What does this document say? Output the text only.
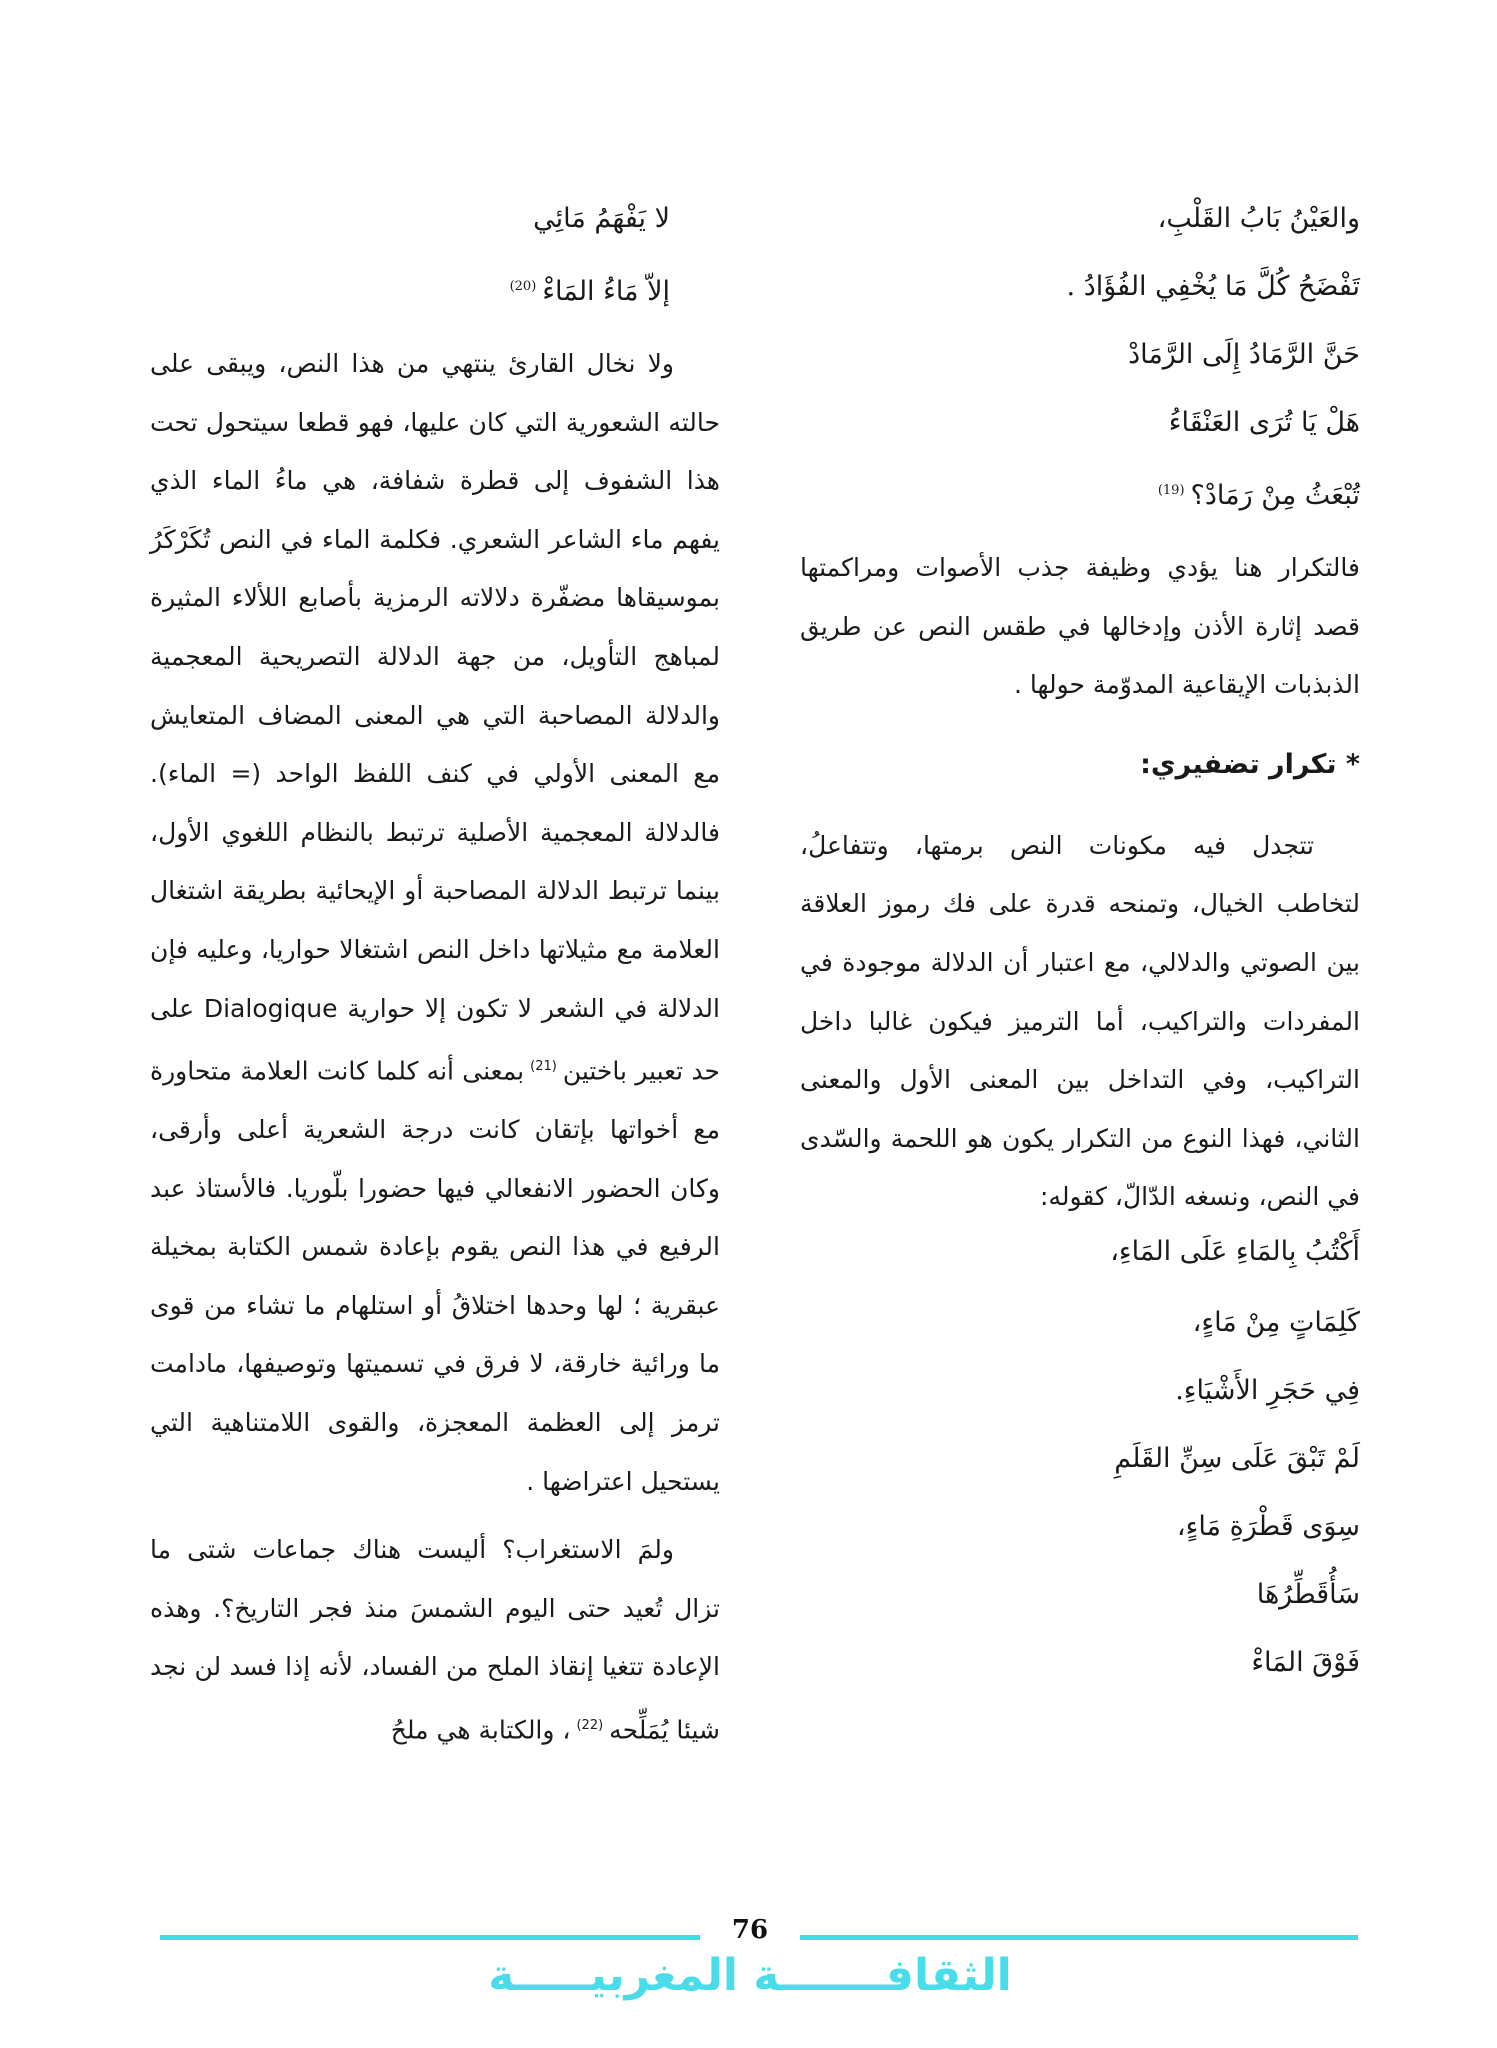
والعَيْنُ بَابُ القَلْبِ،
تَفْضَحُ كُلَّ مَا يُخْفِي الفُؤَادُ .
حَنَّ الرَّمَادُ إِلَى الرَّمَادْ
هَلْ يَا تُرَى العَنْقَاءُ
تُبْعَثُ مِنْ رَمَادْ؟$^{(19)}$

فالتكرار هنا يؤدي وظيفة جذب الأصوات ومراكمتها قصد إثارة الأذن وإدخالها في طقس النص عن طريق الذبذبات الإيقاعية المدوّمة حولها .

* تكرار تضفيري:

تتجدل فيه مكونات النص برمتها، وتتفاعلُ، لتخاطب الخيال، وتمنحه قدرة على فك رموز العلاقة بين الصوتي والدلالي، مع اعتبار أن الدلالة موجودة في المفردات والتراكيب، أما الترميز فيكون غالبا داخل التراكيب، وفي التداخل بين المعنى الأول والمعنى الثاني، فهذا النوع من التكرار يكون هو اللحمة والسّدى في النص، ونسغه الدّالّ، كقوله:

أَكْتُبُ بِالمَاءِ عَلَى المَاءِ،
كَلِمَاتٍ مِنْ مَاءٍ،
فِي حَجَرِ الأَشْيَاءِ.
لَمْ تَبْقَ عَلَى سِنِّ القَلَمِ
سِوَى قَطْرَةِ مَاءٍ،
سَأُقَطِّرُهَا
فَوْقَ المَاءْ
لا يَفْهَمُ مَائِي
إلاّ مَاءُ المَاءْ$^{(20)}$

ولا نخال القارئ ينتهي من هذا النص، ويبقى على حالته الشعورية التي كان عليها، فهو قطعا سيتحول تحت هذا الشفوف إلى قطرة شفافة، هي ماءُ الماء الذي يفهم ماء الشاعر الشعري. فكلمة الماء في النص تُكَرْكَرُ بموسيقاها مضفّرة دلالاته الرمزية بأصابع اللألاء المثيرة لمباهج التأويل، من جهة الدلالة التصريحية المعجمية والدلالة المصاحبة التي هي المعنى المضاف المتعايش مع المعنى الأولي في كنف اللفظ الواحد (= الماء). فالدلالة المعجمية الأصلية ترتبط بالنظام اللغوي الأول، بينما ترتبط الدلالة المصاحبة أو الإيحائية بطريقة اشتغال العلامة مع مثيلاتها داخل النص اشتغالا حواريا، وعليه فإن الدلالة في الشعر لا تكون إلا حوارية Dialogique على حد تعبير باختين$^{(21)}$بمعنى أنه كلما كانت العلامة متحاورة مع أخواتها بإتقان كانت درجة الشعرية أعلى وأرقى، وكان الحضور الانفعالي فيها حضورا بلّوريا. فالأستاذ عبد الرفيع في هذا النص يقوم بإعادة شمس الكتابة بمخيلة عبقرية ؛ لها وحدها اختلاقُ أو استلهام ما تشاء من قوى ما ورائية خارقة، لا فرق في تسميتها وتوصيفها، مادامت ترمز إلى العظمة المعجزة، والقوى اللامتناهية التي يستحيل اعتراضها .

ولمَ الاستغراب؟ أليست هناك جماعات شتى ما تزال تُعيد حتى اليوم الشمسَ منذ فجر التاريخ؟. وهذه الإعادة تتغيا إنقاذ الملح من الفساد، لأنه إذا فسد لن نجد شيئا يُمَلِّحه$^{(22)}$، والكتابة هي ملحُ

76
الثقافـــــــة المغربيـــــة
